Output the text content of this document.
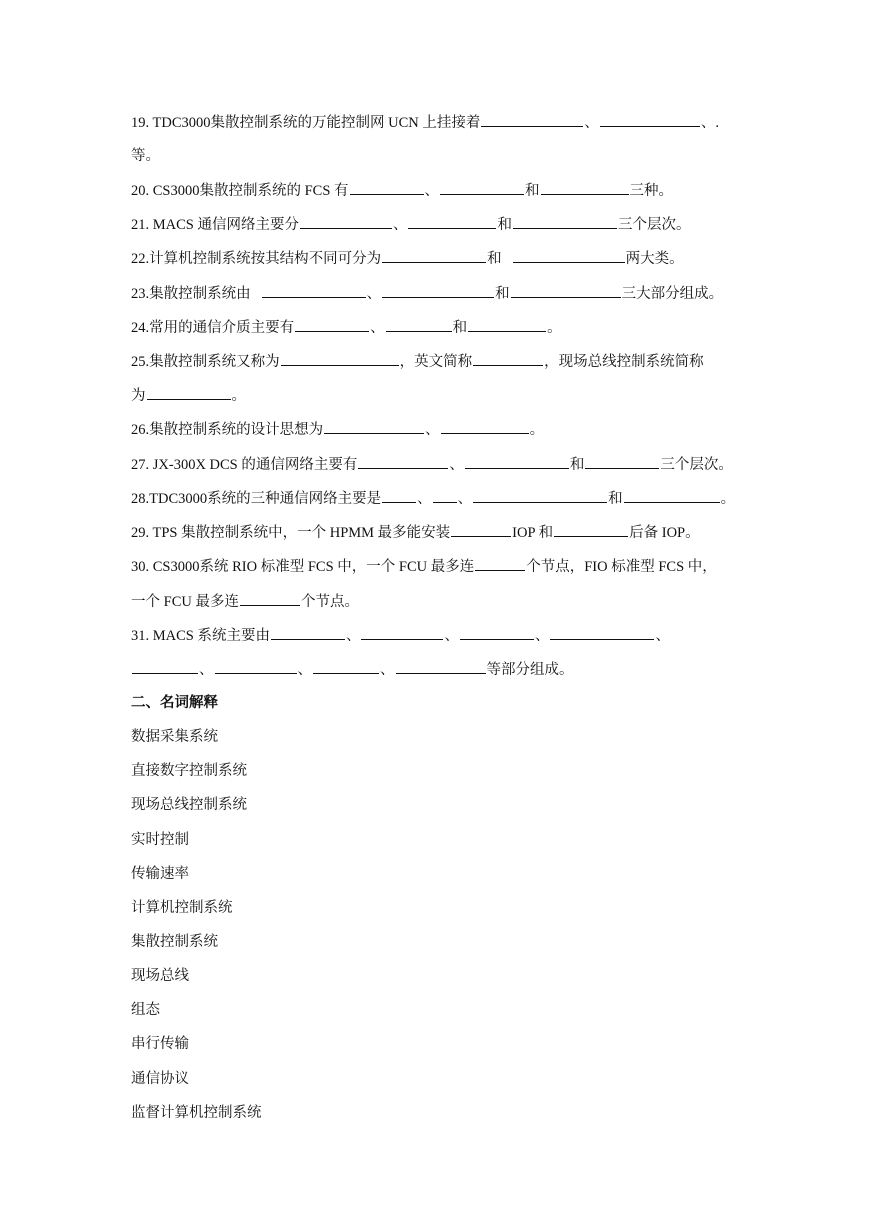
19. TDC3000集散控制系统的万能控制网 UCN 上挂接着	、	、.
等。
20. CS3000集散控制系统的 FCS 有	、	和	三种。
21. MACS 通信网络主要分	、	和	三个层次。
22.计算机控制系统按其结构不同可分为	和	两大类。
23.集散控制系统由	、	和	三大部分组成。
24.常用的通信介质主要有	、	和	。
25.集散控制系统又称为	，英文简称	，现场总线控制系统简称
为	。
26.集散控制系统的设计思想为	、	。
27. JX-300X DCS 的通信网络主要有	、	和	三个层次。
28.TDC3000系统的三种通信网络主要是 、 、	和	。
29. TPS 集散控制系统中，一个 HPMM 最多能安装	IOP 和	后备 IOP。
30. CS3000系统 RIO 标准型 FCS 中，一个 FCU 最多连	个节点，FIO 标准型 FCS 中，
一个 FCU 最多连	个节点。
31. MACS 系统主要由	、	、	、	、
、	、	、	等部分组成。
二、名词解释
数据采集系统
直接数字控制系统
现场总线控制系统
实时控制
传输速率
计算机控制系统
集散控制系统
现场总线
组态
串行传输
通信协议
监督计算机控制系统
